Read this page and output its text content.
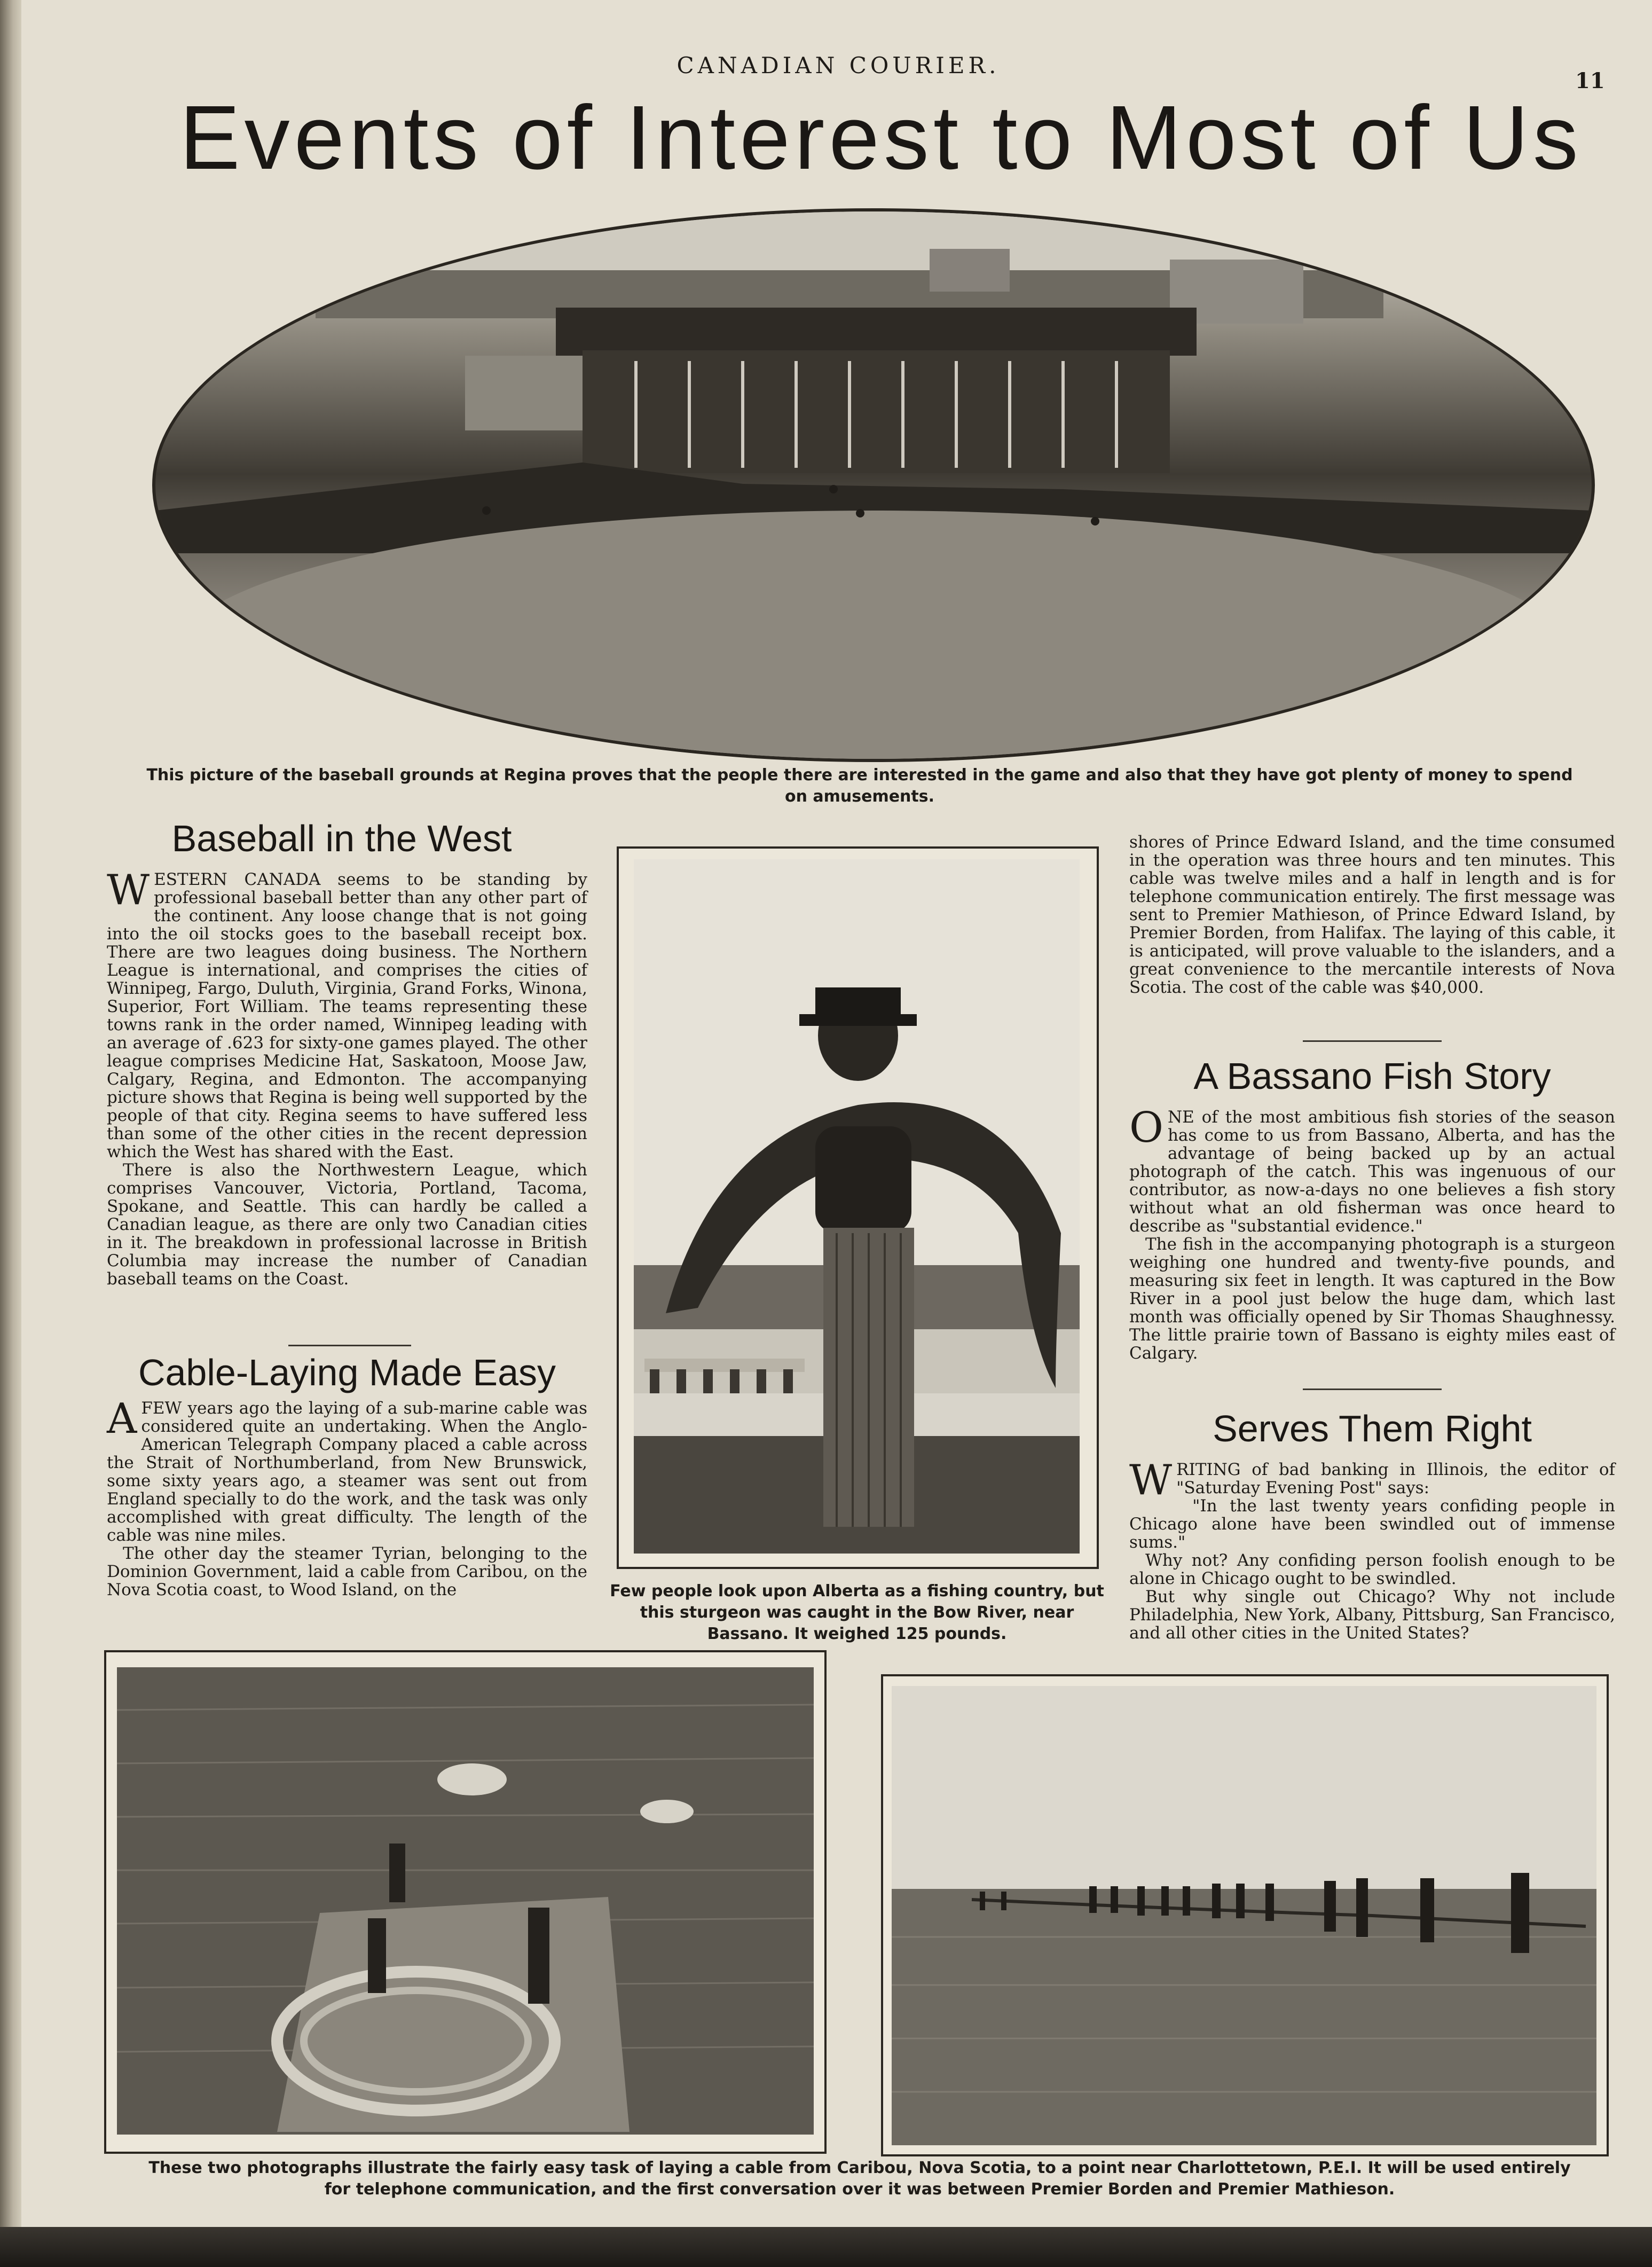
CANADIAN COURIER.
11
Events of Interest to Most of Us
This picture of the baseball grounds at Regina proves that the people there are interested in the game and also that they have got plenty of money to spend on amusements.
Baseball in the West

WESTERN CANADA seems to be standing by professional baseball better than any other part of the continent. Any loose change that is not going into the oil stocks goes to the baseball receipt box. There are two leagues doing business. The Northern League is international, and comprises the cities of Winnipeg, Fargo, Duluth, Virginia, Grand Forks, Winona, Superior, Fort William. The teams representing these towns rank in the order named, Winnipeg leading with an average of .623 for sixty-one games played. The other league comprises Medicine Hat, Saskatoon, Moose Jaw, Calgary, Regina, and Edmonton. The accompanying picture shows that Regina is being well supported by the people of that city. Regina seems to have suffered less than some of the other cities in the recent depression which the West has shared with the East.

There is also the Northwestern League, which comprises Vancouver, Victoria, Portland, Tacoma, Spokane, and Seattle. This can hardly be called a Canadian league, as there are only two Canadian cities in it. The breakdown in professional lacrosse in British Columbia may increase the number of Canadian baseball teams on the Coast.

Cable-Laying Made Easy

AFEW years ago the laying of a sub-marine cable was considered quite an undertaking. When the Anglo-American Telegraph Company placed a cable across the Strait of Northumberland, from New Brunswick, some sixty years ago, a steamer was sent out from England specially to do the work, and the task was only accomplished with great difficulty. The length of the cable was nine miles.

The other day the steamer Tyrian, belonging to the Dominion Government, laid a cable from Caribou, on the Nova Scotia coast, to Wood Island, on the	Few people look upon Alberta as a fishing country, but this sturgeon was caught in the Bow River, near Bassano. It weighed 125 pounds.

shores of Prince Edward Island, and the time consumed in the operation was three hours and ten minutes. This cable was twelve miles and a half in length and is for telephone communication entirely. The first message was sent to Premier Mathieson, of Prince Edward Island, by Premier Borden, from Halifax. The laying of this cable, it is anticipated, will prove valuable to the islanders, and a great convenience to the mercantile interests of Nova Scotia. The cost of the cable was $40,000.

A Bassano Fish Story

ONE of the most ambitious fish stories of the season has come to us from Bassano, Alberta, and has the advantage of being backed up by an actual photograph of the catch. This was ingenuous of our contributor, as now-a-days no one believes a fish story without what an old fisherman was once heard to describe as "substantial evidence."

The fish in the accompanying photograph is a sturgeon weighing one hundred and twenty-five pounds, and measuring six feet in length. It was captured in the Bow River in a pool just below the huge dam, which last month was officially opened by Sir Thomas Shaughnessy. The little prairie town of Bassano is eighty miles east of Calgary.

Serves Them Right

WRITING of bad banking in Illinois, the editor of "Saturday Evening Post" says:

"In the last twenty years confiding people in Chicago alone have been swindled out of immense sums."

Why not? Any confiding person foolish enough to be alone in Chicago ought to be swindled.

But why single out Chicago? Why not include Philadelphia, New York, Albany, Pittsburg, San Francisco, and all other cities in the United States?

These two photographs illustrate the fairly easy task of laying a cable from Caribou, Nova Scotia, to a point near Charlottetown, P.E.I. It will be used entirely for telephone communication, and the first conversation over it was between Premier Borden and Premier Mathieson.
